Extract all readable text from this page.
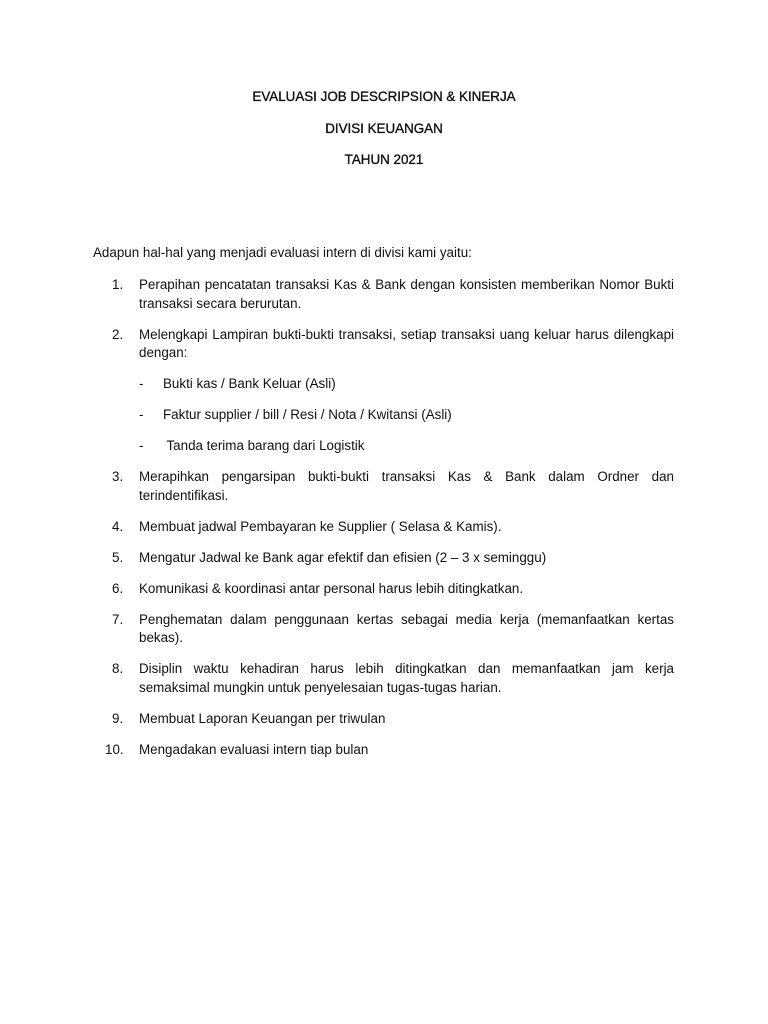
EVALUASI JOB DESCRIPSION & KINERJA
DIVISI KEUANGAN
TAHUN 2021

Adapun hal-hal yang menjadi evaluasi intern di divisi kami yaitu:

1.	Perapihan pencatatan transaksi Kas & Bank dengan konsisten memberikan Nomor Bukti transaksi secara berurutan.
2.	Melengkapi Lampiran bukti-bukti transaksi, setiap transaksi uang keluar harus dilengkapi dengan:
- Bukti kas / Bank Keluar (Asli)
- Faktur supplier / bill / Resi / Nota / Kwitansi (Asli)
- Tanda terima barang dari Logistik
3.	Merapihkan pengarsipan bukti-bukti transaksi Kas & Bank dalam Ordner dan terindentifikasi.
4.	Membuat jadwal Pembayaran ke Supplier ( Selasa & Kamis).
5.	Mengatur Jadwal ke Bank agar efektif dan efisien (2 – 3 x seminggu)
6.	Komunikasi & koordinasi antar personal harus lebih ditingkatkan.
7.	Penghematan dalam penggunaan kertas sebagai media kerja (memanfaatkan kertas bekas).
8.	Disiplin waktu kehadiran harus lebih ditingkatkan dan memanfaatkan jam kerja semaksimal mungkin untuk penyelesaian tugas-tugas harian.
9.	Membuat Laporan Keuangan per triwulan
10. Mengadakan evaluasi intern tiap bulan
